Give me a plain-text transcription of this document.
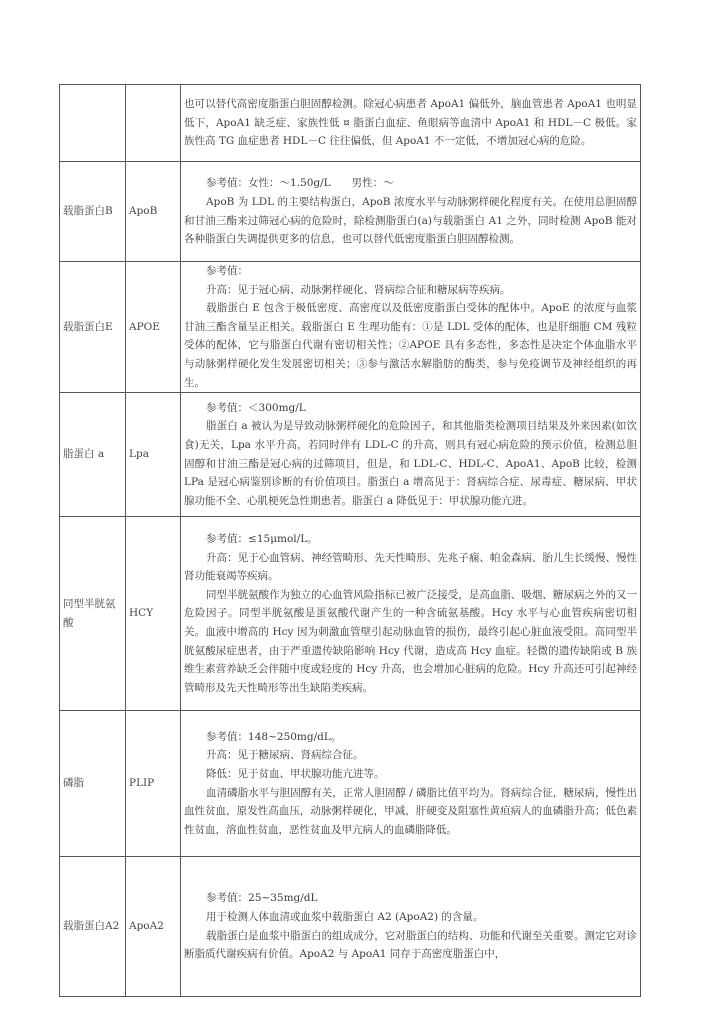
		也可以替代高密度脂蛋白胆固醇检测。除冠心病患者 ApoA1 偏低外，脑血管患者 ApoA1 也明显低下，ApoA1 缺乏症、家族性低 ¤ 脂蛋白血症、鱼眼病等血清中 ApoA1 和 HDL－C 极低。家族性高 TG 血症患者 HDL－C 往往偏低，但 ApoA1 不一定低，不增加冠心病的危险。

载脂蛋白B	ApoB	参考值：女性：～1.50g/L　　男性：～

ApoB 为 LDL 的主要结构蛋白，ApoB 浓度水平与动脉粥样硬化程度有关。在使用总胆固醇和甘油三酯来过筛冠心病的危险时，除检测脂蛋白(a)与载脂蛋白 A1 之外，同时检测 ApoB 能对各种脂蛋白失调提供更多的信息，也可以替代低密度脂蛋白胆固醇检测。

载脂蛋白E	APOE	参考值：

升高：见于冠心病、动脉粥样硬化、肾病综合征和糖尿病等疾病。

载脂蛋白 E 包含于极低密度、高密度以及低密度脂蛋白受体的配体中。ApoE 的浓度与血浆甘油三酯含量呈正相关。载脂蛋白 E 生理功能有：①是 LDL 受体的配体，也是肝细胞 CM 残粒受体的配体，它与脂蛋白代谢有密切相关性；②APOE 具有多态性，多态性是决定个体血脂水平与动脉粥样硬化发生发展密切相关；③参与激活水解脂肪的酶类，参与免疫调节及神经组织的再生。

脂蛋白 a	Lpa	参考值：＜300mg/L

脂蛋白 a 被认为是导致动脉粥样硬化的危险因子，和其他脂类检测项目结果及外来因素(如饮食)无关，Lpa 水平升高，若同时伴有 LDL-C 的升高，则具有冠心病危险的预示价值，检测总胆固醇和甘油三酯是冠心病的过筛项目，但是，和 LDL-C、HDL-C、ApoA1、ApoB 比较，检测 LPa 是冠心病鉴别诊断的有价值项目。脂蛋白 a 增高见于：肾病综合症、尿毒症、糖尿病、甲状腺功能不全、心肌梗死急性期患者。脂蛋白 a 降低见于：甲状腺功能亢进。

同型半胱氨酸	HCY	参考值：≤15μmol/L。

升高：见于心血管病、神经管畸形、先天性畸形、先兆子痫、帕金森病、胎儿生长缓慢、慢性肾功能衰竭等疾病。

同型半胱氨酸作为独立的心血管风险指标已被广泛接受，是高血脂、吸烟、糖尿病之外的又一危险因子。同型半胱氨酸是蛋氨酸代谢产生的一种含硫氨基酸。Hcy 水平与心血管疾病密切相关。血液中增高的 Hcy 因为刺激血管壁引起动脉血管的损伤，最终引起心脏血液受阻。高同型半胱氨酸尿症患者，由于严重遗传缺陷影响 Hcy 代谢，造成高 Hcy 血症。轻微的遗传缺陷或 B 族维生素营养缺乏会伴随中度或轻度的 Hcy 升高，也会增加心脏病的危险。Hcy 升高还可引起神经管畸形及先天性畸形等出生缺陷类疾病。

磷脂	PLIP	参考值：148~250mg/dL。

升高：见于糖尿病、肾病综合征。

降低：见于贫血、甲状腺功能亢进等。

血清磷脂水平与胆固醇有关，正常人胆固醇 / 磷脂比值平均为。肾病综合征，糖尿病，慢性出血性贫血，原发性高血压，动脉粥样硬化，甲减，肝硬变及阻塞性黄疸病人的血磷脂升高；低色素性贫血，溶血性贫血，恶性贫血及甲亢病人的血磷脂降低。

载脂蛋白A2	ApoA2	参考值：25~35mg/dL

用于检测人体血清或血浆中载脂蛋白 A2 (ApoA2) 的含量。

载脂蛋白是血浆中脂蛋白的组成成分，它对脂蛋白的结构、功能和代谢至关重要。测定它对诊断脂质代谢疾病有价值。ApoA2 与 ApoA1 同存于高密度脂蛋白中，
